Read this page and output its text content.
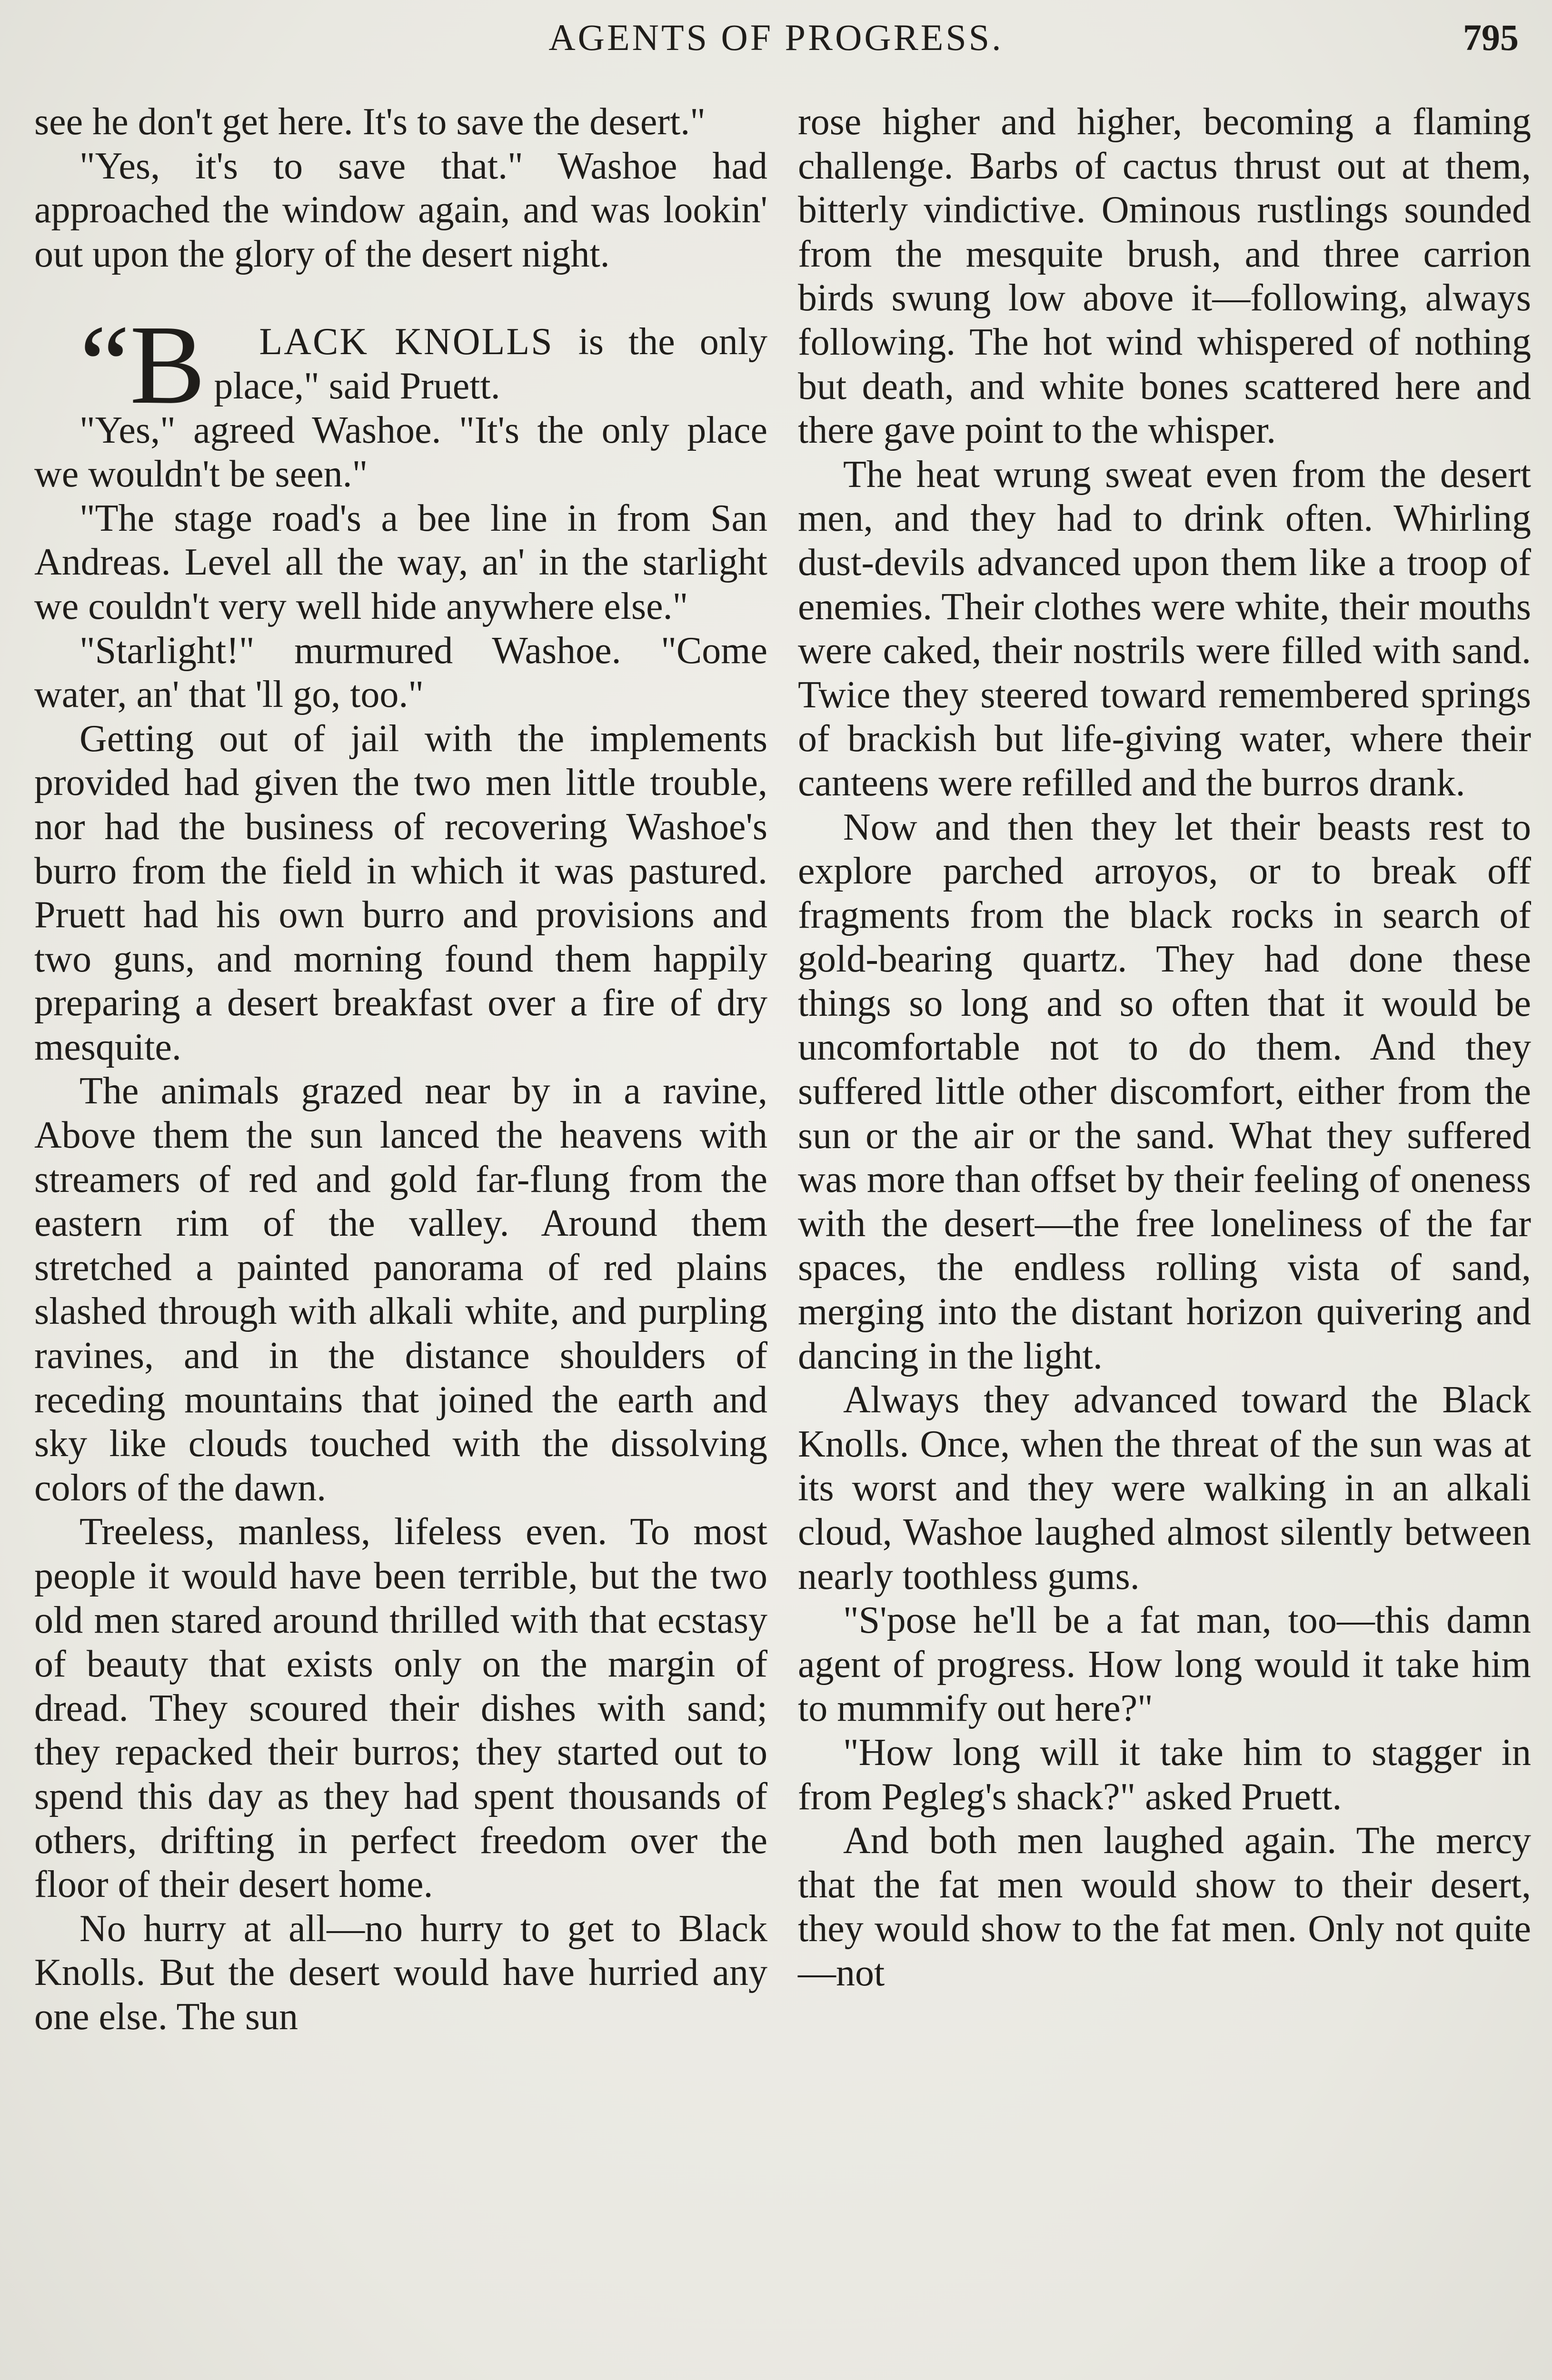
AGENTS OF PROGRESS.	795

see he don't get here. It's to save the desert."

"Yes, it's to save that." Washoe had approached the window again, and was lookin' out upon the glory of the desert night.

“B LACK KNOLLS is the only place," said Pruett.

"Yes," agreed Washoe. "It's the only place we wouldn't be seen."

"The stage road's a bee line in from San Andreas. Level all the way, an' in the starlight we couldn't very well hide anywhere else."

"Starlight!" murmured Washoe. "Come water, an' that 'll go, too."

Getting out of jail with the implements provided had given the two men little trouble, nor had the business of recovering Washoe's burro from the field in which it was pastured. Pruett had his own burro and provisions and two guns, and morning found them happily preparing a desert breakfast over a fire of dry mesquite.

The animals grazed near by in a ravine, Above them the sun lanced the heavens with streamers of red and gold far-flung from the eastern rim of the valley. Around them stretched a painted panorama of red plains slashed through with alkali white, and purpling ravines, and in the distance shoulders of receding mountains that joined the earth and sky like clouds touched with the dissolving colors of the dawn.

Treeless, manless, lifeless even. To most people it would have been terrible, but the two old men stared around thrilled with that ecstasy of beauty that exists only on the margin of dread. They scoured their dishes with sand; they repacked their burros; they started out to spend this day as they had spent thousands of others, drifting in perfect freedom over the floor of their desert home.

No hurry at all—no hurry to get to Black Knolls. But the desert would have hurried any one else. The sun

rose higher and higher, becoming a flaming challenge. Barbs of cactus thrust out at them, bitterly vindictive. Ominous rustlings sounded from the mesquite brush, and three carrion birds swung low above it—following, always following. The hot wind whispered of nothing but death, and white bones scattered here and there gave point to the whisper.

The heat wrung sweat even from the desert men, and they had to drink often. Whirling dust-devils advanced upon them like a troop of enemies. Their clothes were white, their mouths were caked, their nostrils were filled with sand. Twice they steered toward remembered springs of brackish but life-giving water, where their canteens were refilled and the burros drank.

Now and then they let their beasts rest to explore parched arroyos, or to break off fragments from the black rocks in search of gold-bearing quartz. They had done these things so long and so often that it would be uncomfortable not to do them. And they suffered little other discomfort, either from the sun or the air or the sand. What they suffered was more than offset by their feeling of oneness with the desert—the free loneliness of the far spaces, the endless rolling vista of sand, merging into the distant horizon quivering and dancing in the light.

Always they advanced toward the Black Knolls. Once, when the threat of the sun was at its worst and they were walking in an alkali cloud, Washoe laughed almost silently between nearly toothless gums.

"S'pose he'll be a fat man, too—this damn agent of progress. How long would it take him to mummify out here?"

"How long will it take him to stagger in from Pegleg's shack?" asked Pruett.

And both men laughed again. The mercy that the fat men would show to their desert, they would show to the fat men. Only not quite—not
